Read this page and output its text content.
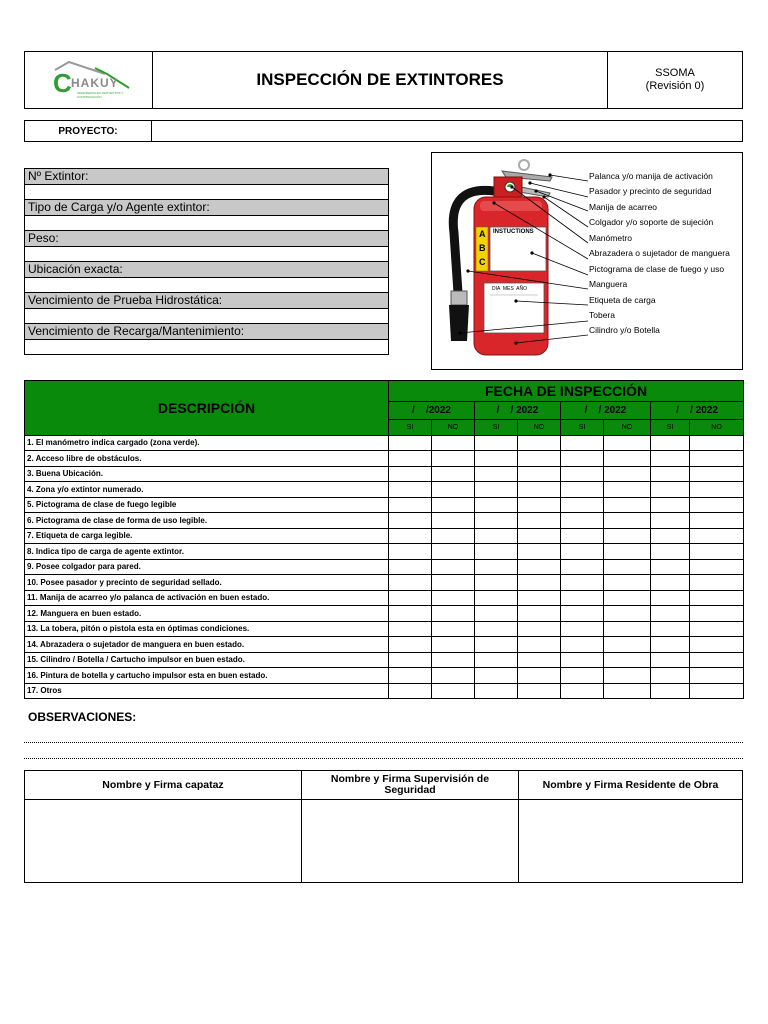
C HAKUY
INGENIEROS EN PROYECTOS Y CONSTRUCCIÓN
INSPECCIÓN DE EXTINTORES	SSOMA
(Revisión 0)
PROYECTO:
Nº Extintor:
Tipo de Carga y/o Agente extintor:
Peso:
Ubicación exacta:
Vencimiento de Prueba Hidrostática:
Vencimiento de Recarga/Mantenimiento:
INSTUCTIONS
A
B
C
DIA  MES  AÑO
Palanca y/o manija de activación
Pasador y precinto de seguridad
Manija de acarreo
Colgador y/o soporte de sujeción
Manómetro
Abrazadera o sujetador de manguera
Pictograma de clase de fuego y uso
Manguera
Etiqueta de carga
Tobera
Cilindro y/o Botella
DESCRIPCIÓN	FECHA DE INSPECCIÓN							
	/ /2022		/ / 2022		/ / 2022		/ / 2022	
	SI	NO	SI	NO	SI	NO	SI	NO
1. El manómetro indica cargado (zona verde).								
2. Acceso libre de obstáculos.								
3. Buena Ubicación.								
4. Zona y/o extintor numerado.								
5. Pictograma de clase de fuego legible								
6. Pictograma de clase de forma de uso legible.								
7. Etiqueta de carga legible.								
8. Indica tipo de carga de agente extintor.								
9. Posee colgador para pared.								
10. Posee pasador y precinto de seguridad sellado.								
11. Manija de acarreo y/o palanca de activación en buen estado.								
12. Manguera en buen estado.								
13. La tobera, pitón o pistola esta en óptimas condiciones.								
14. Abrazadera o sujetador de manguera en buen estado.								
15. Cilindro / Botella / Cartucho impulsor en buen estado.								
16. Pintura de botella y cartucho impulsor esta en buen estado.								
17. Otros								
OBSERVACIONES:
Nombre y Firma capataz	Nombre y Firma Supervisión de Seguridad	Nombre y Firma Residente de Obra
